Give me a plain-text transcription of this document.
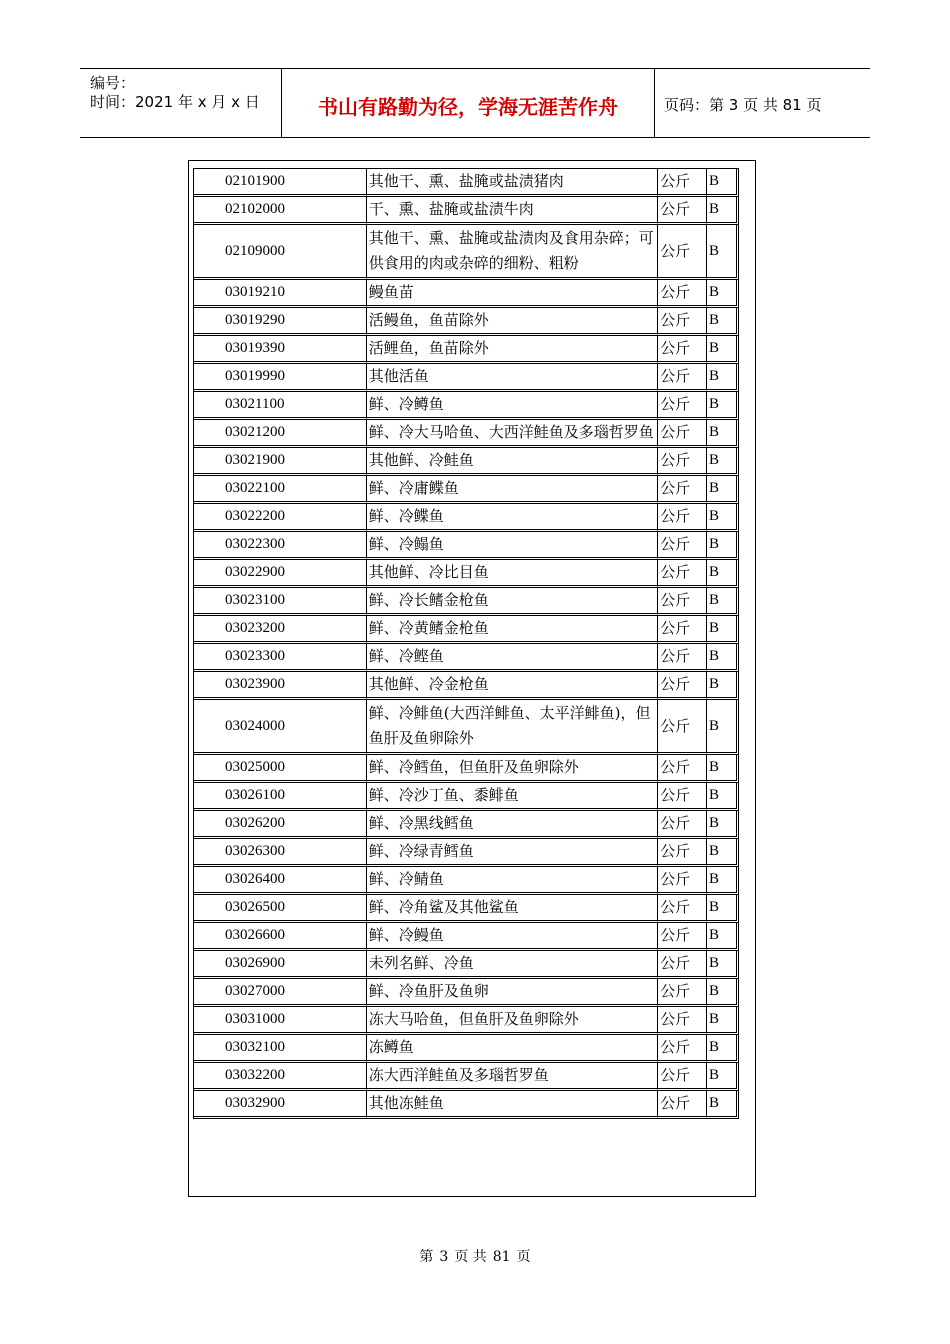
编号：
时间：2021 年 x 月 x 日	书山有路勤为径，学海无涯苦作舟	页码：第 3 页 共 81 页
02101900	其他干、熏、盐腌或盐渍猪肉	公斤	B
02102000	干、熏、盐腌或盐渍牛肉	公斤	B
02109000	其他干、熏、盐腌或盐渍肉及食用杂碎；可供食用的肉或杂碎的细粉、粗粉	公斤	B
03019210	鳗鱼苗	公斤	B
03019290	活鳗鱼，鱼苗除外	公斤	B
03019390	活鲤鱼，鱼苗除外	公斤	B
03019990	其他活鱼	公斤	B
03021100	鲜、冷鳟鱼	公斤	B
03021200	鲜、冷大马哈鱼、大西洋鲑鱼及多瑙哲罗鱼	公斤	B
03021900	其他鲜、冷鲑鱼	公斤	B
03022100	鲜、冷庸鲽鱼	公斤	B
03022200	鲜、冷鲽鱼	公斤	B
03022300	鲜、冷鳎鱼	公斤	B
03022900	其他鲜、冷比目鱼	公斤	B
03023100	鲜、冷长鳍金枪鱼	公斤	B
03023200	鲜、冷黄鳍金枪鱼	公斤	B
03023300	鲜、冷鲣鱼	公斤	B
03023900	其他鲜、冷金枪鱼	公斤	B
03024000	鲜、冷鲱鱼(大西洋鲱鱼、太平洋鲱鱼)，但鱼肝及鱼卵除外	公斤	B
03025000	鲜、冷鳕鱼，但鱼肝及鱼卵除外	公斤	B
03026100	鲜、冷沙丁鱼、黍鲱鱼	公斤	B
03026200	鲜、冷黑线鳕鱼	公斤	B
03026300	鲜、冷绿青鳕鱼	公斤	B
03026400	鲜、冷鲭鱼	公斤	B
03026500	鲜、冷角鲨及其他鲨鱼	公斤	B
03026600	鲜、冷鳗鱼	公斤	B
03026900	未列名鲜、冷鱼	公斤	B
03027000	鲜、冷鱼肝及鱼卵	公斤	B
03031000	冻大马哈鱼，但鱼肝及鱼卵除外	公斤	B
03032100	冻鳟鱼	公斤	B
03032200	冻大西洋鲑鱼及多瑙哲罗鱼	公斤	B
03032900	其他冻鲑鱼	公斤	B
第 3 页 共 81 页
